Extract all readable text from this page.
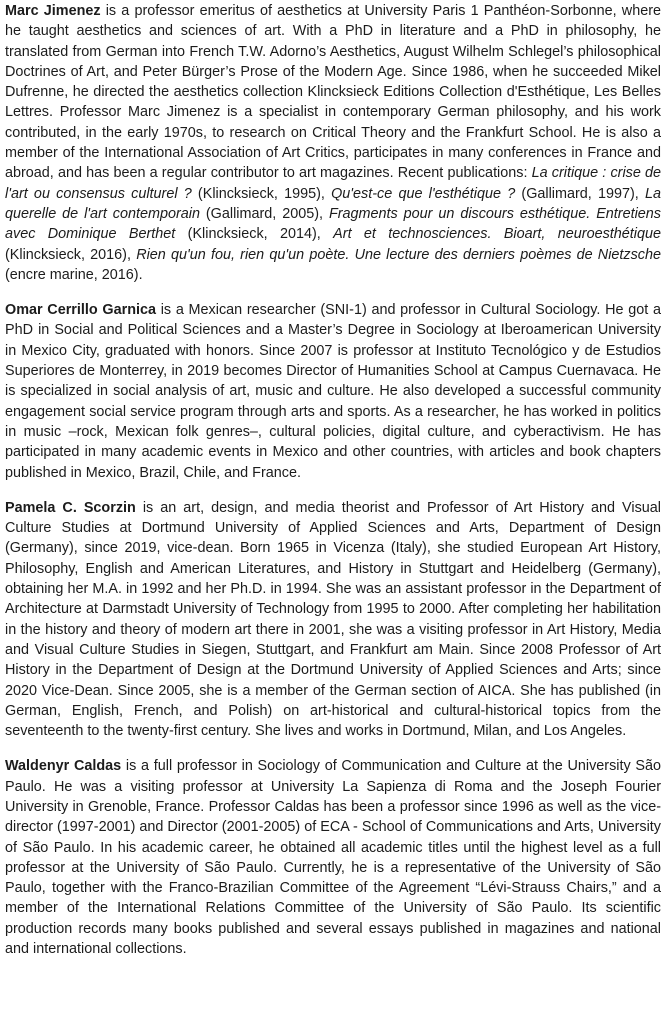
Marc Jimenez is a professor emeritus of aesthetics at University Paris 1 Panthéon-Sorbonne, where he taught aesthetics and sciences of art. With a PhD in literature and a PhD in philosophy, he translated from German into French T.W. Adorno’s Aesthetics, August Wilhelm Schlegel’s philosophical Doctrines of Art, and Peter Bürger’s Prose of the Modern Age. Since 1986, when he succeeded Mikel Dufrenne, he directed the aesthetics collection Klincksieck Editions Collection d'Esthétique, Les Belles Lettres. Professor Marc Jimenez is a specialist in contemporary German philosophy, and his work contributed, in the early 1970s, to research on Critical Theory and the Frankfurt School. He is also a member of the International Association of Art Critics, participates in many conferences in France and abroad, and has been a regular contributor to art magazines. Recent publications: La critique : crise de l'art ou consensus culturel ? (Klincksieck, 1995), Qu'est-ce que l'esthétique ? (Gallimard, 1997), La querelle de l'art contemporain (Gallimard, 2005), Fragments pour un discours esthétique. Entretiens avec Dominique Berthet (Klincksieck, 2014), Art et technosciences. Bioart, neuroesthétique (Klincksieck, 2016), Rien qu'un fou, rien qu'un poète. Une lecture des derniers poèmes de Nietzsche (encre marine, 2016).

Omar Cerrillo Garnica is a Mexican researcher (SNI-1) and professor in Cultural Sociology. He got a PhD in Social and Political Sciences and a Master’s Degree in Sociology at Iberoamerican University in Mexico City, graduated with honors. Since 2007 is professor at Instituto Tecnológico y de Estudios Superiores de Monterrey, in 2019 becomes Director of Humanities School at Campus Cuernavaca. He is specialized in social analysis of art, music and culture. He also developed a successful community engagement social service program through arts and sports. As a researcher, he has worked in politics in music –rock, Mexican folk genres–, cultural policies, digital culture, and cyberactivism. He has participated in many academic events in Mexico and other countries, with articles and book chapters published in Mexico, Brazil, Chile, and France.

Pamela C. Scorzin is an art, design, and media theorist and Professor of Art History and Visual Culture Studies at Dortmund University of Applied Sciences and Arts, Department of Design (Germany), since 2019, vice-dean. Born 1965 in Vicenza (Italy), she studied European Art History, Philosophy, English and American Literatures, and History in Stuttgart and Heidelberg (Germany), obtaining her M.A. in 1992 and her Ph.D. in 1994. She was an assistant professor in the Department of Architecture at Darmstadt University of Technology from 1995 to 2000. After completing her habilitation in the history and theory of modern art there in 2001, she was a visiting professor in Art History, Media and Visual Culture Studies in Siegen, Stuttgart, and Frankfurt am Main. Since 2008 Professor of Art History in the Department of Design at the Dortmund University of Applied Sciences and Arts; since 2020 Vice-Dean. Since 2005, she is a member of the German section of AICA. She has published (in German, English, French, and Polish) on art-historical and cultural-historical topics from the seventeenth to the twenty-first century. She lives and works in Dortmund, Milan, and Los Angeles.

Waldenyr Caldas is a full professor in Sociology of Communication and Culture at the University São Paulo. He was a visiting professor at University La Sapienza di Roma and the Joseph Fourier University in Grenoble, France. Professor Caldas has been a professor since 1996 as well as the vice-director (1997-2001) and Director (2001-2005) of ECA - School of Communications and Arts, University of São Paulo. In his academic career, he obtained all academic titles until the highest level as a full professor at the University of São Paulo. Currently, he is a representative of the University of São Paulo, together with the Franco-Brazilian Committee of the Agreement “Lévi-Strauss Chairs,” and a member of the International Relations Committee of the University of São Paulo. Its scientific production records many books published and several essays published in magazines and national and international collections.
